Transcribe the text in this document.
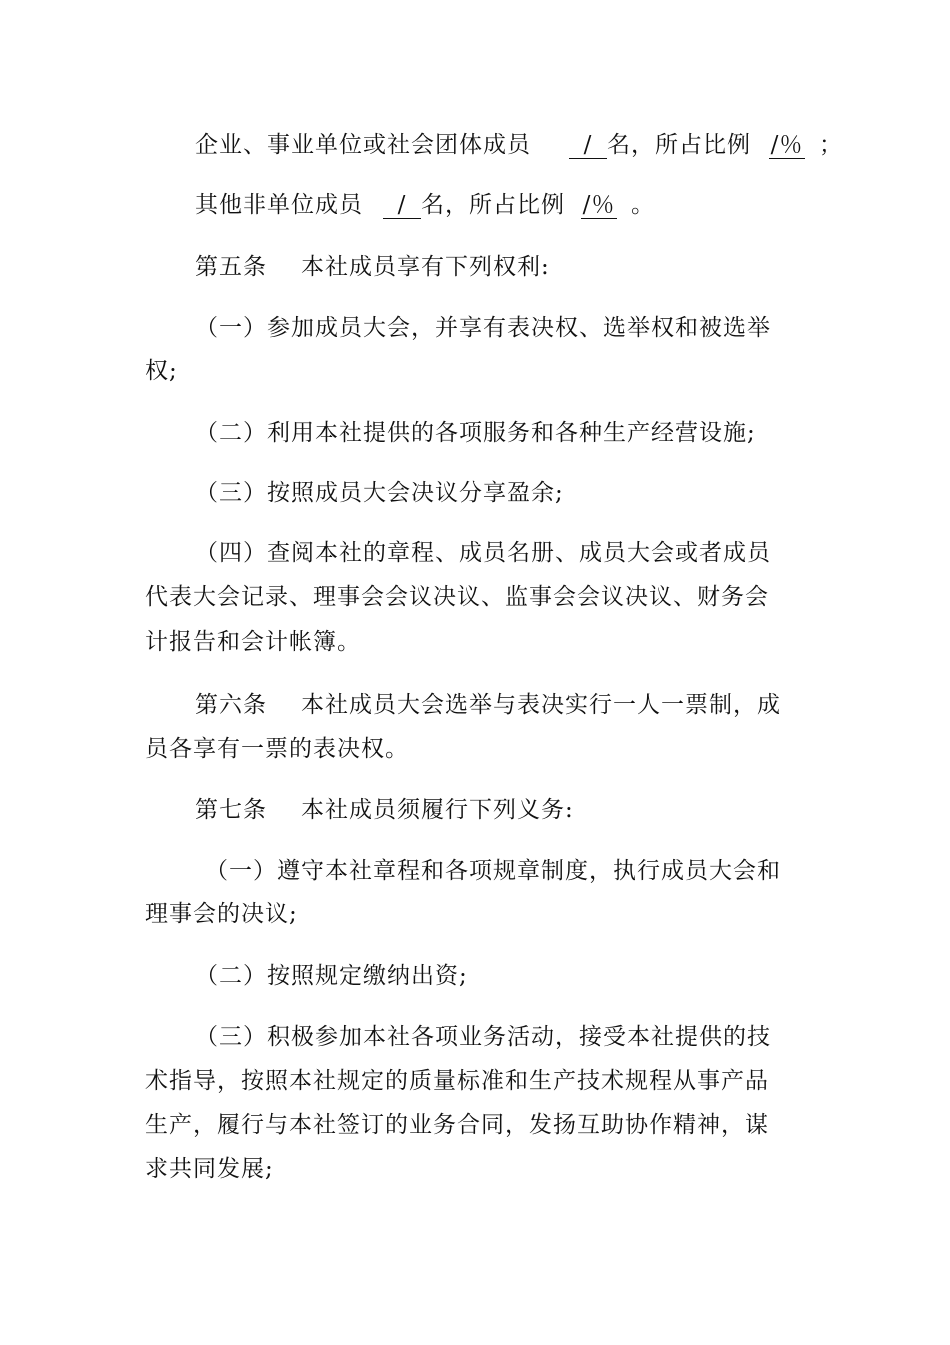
企业、事业单位或社会团体成员 / 名，所占比例 /％ ；
其他非单位成员 / 名，所占比例 /％ 。
第五条 本社成员享有下列权利:
（一）参加成员大会，并享有表决权、选举权和被选举
权;
（二）利用本社提供的各项服务和各种生产经营设施;
（三）按照成员大会决议分享盈余;
（四）查阅本社的章程、成员名册、成员大会或者成员
代表大会记录、理事会会议决议、监事会会议决议、财务会
计报告和会计帐簿。
第六条 本社成员大会选举与表决实行一人一票制，成
员各享有一票的表决权。
第七条 本社成员须履行下列义务:
（一）遵守本社章程和各项规章制度，执行成员大会和
理事会的决议;
（二）按照规定缴纳出资;
（三）积极参加本社各项业务活动，接受本社提供的技
术指导，按照本社规定的质量标准和生产技术规程从事产品
生产，履行与本社签订的业务合同，发扬互助协作精神，谋
求共同发展;
